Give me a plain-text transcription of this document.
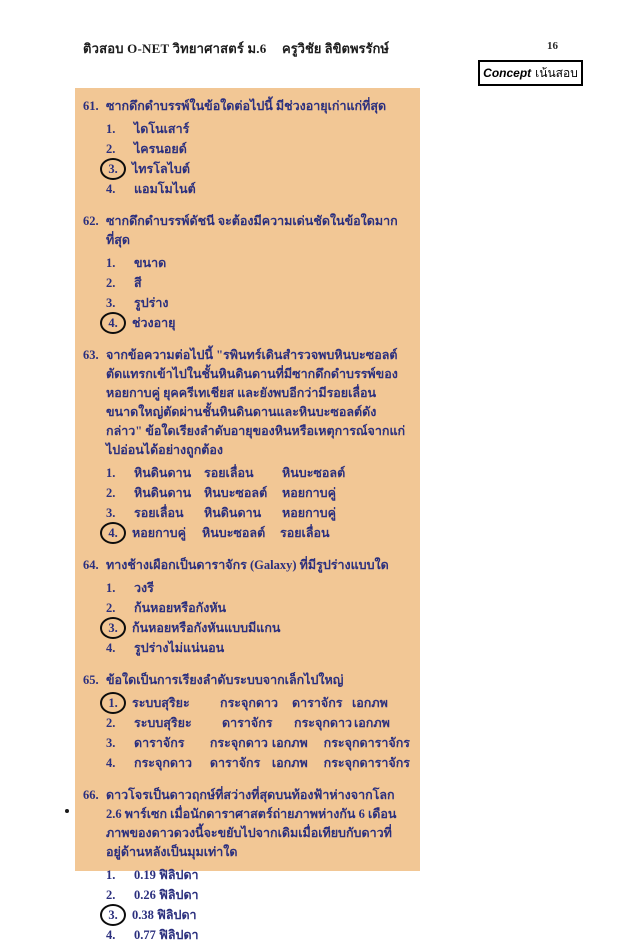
ติวสอบ O-NET วิทยาศาสตร์ ม.6 ครูวิชัย ลิขิตพรรักษ์	16
Concept เน้นสอบ
61. ซากดึกดำบรรพ์ในข้อใดต่อไปนี้ มีช่วงอายุเก่าแก่ที่สุด
1.	ไดโนเสาร์
2.	ไครนอยด์
3.	ไทรโลไบต์
4.	แอมโมไนต์
62. ซากดึกดำบรรพ์ดัชนี จะต้องมีความเด่นชัดในข้อใดมากที่สุด
1.	ขนาด
2.	สี
3.	รูปร่าง
4.	ช่วงอายุ
63. จากข้อความต่อไปนี้ "รพินทร์เดินสำรวจพบหินบะซอลต์ตัดแทรกเข้าไปในชั้นหินดินดานที่มีซากดึกดำบรรพ์ของหอยกาบคู่ ยุคครีเทเชียส และยังพบอีกว่ามีรอยเลื่อนขนาดใหญ่ตัดผ่านชั้นหินดินดานและหินบะซอลต์ดังกล่าว" ข้อใดเรียงลำดับอายุของหินหรือเหตุการณ์จากแก่ไปอ่อนได้อย่างถูกต้อง
1.	หินดินดาน	รอยเลื่อน	หินบะซอลต์
2.	หินดินดาน	หินบะซอลต์	หอยกาบคู่
3.	รอยเลื่อน	หินดินดาน	หอยกาบคู่
4.	หอยกาบคู่	หินบะซอลต์	รอยเลื่อน
64. ทางช้างเผือกเป็นดาราจักร (Galaxy) ที่มีรูปร่างแบบใด
1.	วงรี
2.	ก้นหอยหรือกังหัน
3.	ก้นหอยหรือกังหันแบบมีแกน
4.	รูปร่างไม่แน่นอน
65. ข้อใดเป็นการเรียงลำดับระบบจากเล็กไปใหญ่
1.	ระบบสุริยะ	กระจุกดาว	ดาราจักร เอกภพ
2.	ระบบสุริยะ	ดาราจักร	กระจุกดาว เอกภพ
3.	ดาราจักร	กระจุกดาว เอกภพ	กระจุกดาราจักร
4.	กระจุกดาว	ดาราจักร เอกภพ	กระจุกดาราจักร
66. ดาวโจรเป็นดาวฤกษ์ที่สว่างที่สุดบนท้องฟ้าห่างจากโลก 2.6 พาร์เซก เมื่อนักดาราศาสตร์ถ่ายภาพห่างกัน 6 เดือน ภาพของดาวดวงนี้จะขยับไปจากเดิมเมื่อเทียบกับดาวที่อยู่ด้านหลังเป็นมุมเท่าใด
1.	0.19 ฟิลิปดา
2.	0.26 ฟิลิปดา
3.	0.38 ฟิลิปดา
4.	0.77 ฟิลิปดา
